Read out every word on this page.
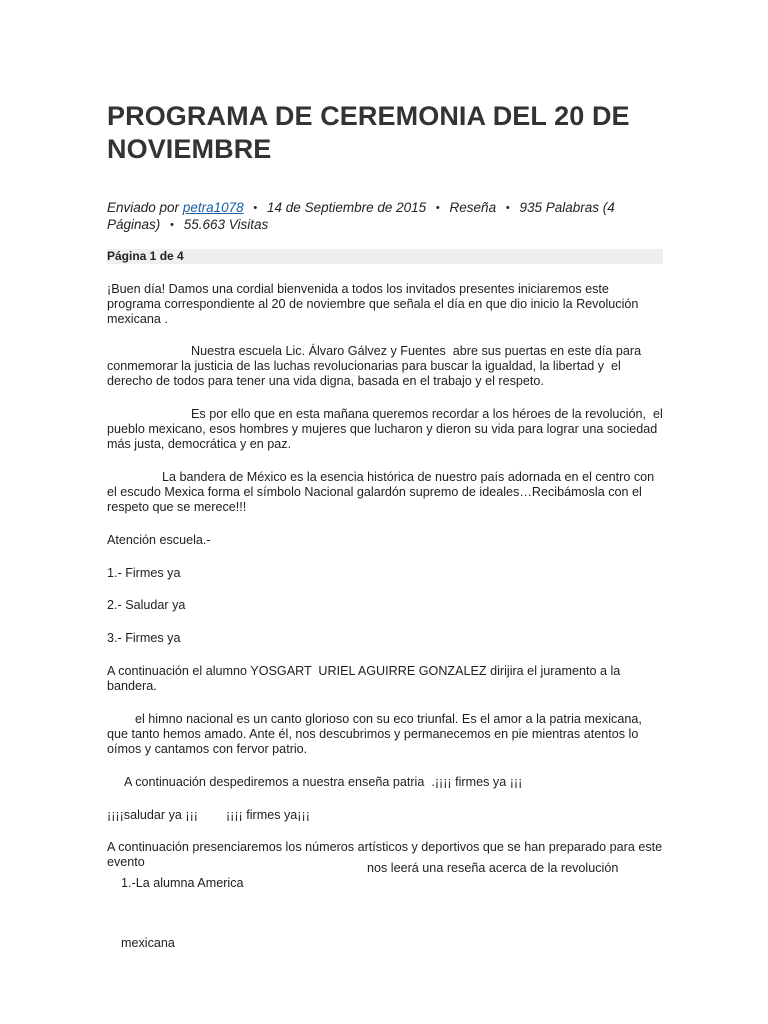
PROGRAMA DE CEREMONIA DEL 20 DE NOVIEMBRE
Enviado por petra1078 • 14 de Septiembre de 2015 • Reseña • 935 Palabras (4 Páginas) • 55.663 Visitas
Página 1 de 4

¡Buen día! Damos una cordial bienvenida a todos los invitados presentes iniciaremos este programa correspondiente al 20 de noviembre que señala el día en que dio inicio la Revolución mexicana .

Nuestra escuela Lic. Álvaro Gálvez y Fuentes  abre sus puertas en este día para conmemorar la justicia de las luchas revolucionarias para buscar la igualdad, la libertad y  el derecho de todos para tener una vida digna, basada en el trabajo y el respeto.

Es por ello que en esta mañana queremos recordar a los héroes de la revolución,  el pueblo mexicano, esos hombres y mujeres que lucharon y dieron su vida para lograr una sociedad más justa, democrática y en paz.

La bandera de México es la esencia histórica de nuestro país adornada en el centro con el escudo Mexica forma el símbolo Nacional galardón supremo de ideales…Recibámosla con el respeto que se merece!!!

Atención escuela.-

1.- Firmes ya

2.- Saludar ya

3.- Firmes ya

A continuación el alumno YOSGART  URIEL AGUIRRE GONZALEZ dirijira el juramento a la bandera.

el himno nacional es un canto glorioso con su eco triunfal. Es el amor a la patria mexicana, que tanto hemos amado. Ante él, nos descubrimos y permanecemos en pie mientras atentos lo oímos y cantamos con fervor patrio.

A continuación despediremos a nuestra enseña patria  .¡¡¡¡ firmes ya ¡¡¡

¡¡¡¡saludar ya ¡¡¡        ¡¡¡¡ firmes ya¡¡¡

A continuación presenciaremos los números artísticos y deportivos que se han preparado para este evento

1.-La alumna America

nos leerá una reseña acerca de la revolución

mexicana
